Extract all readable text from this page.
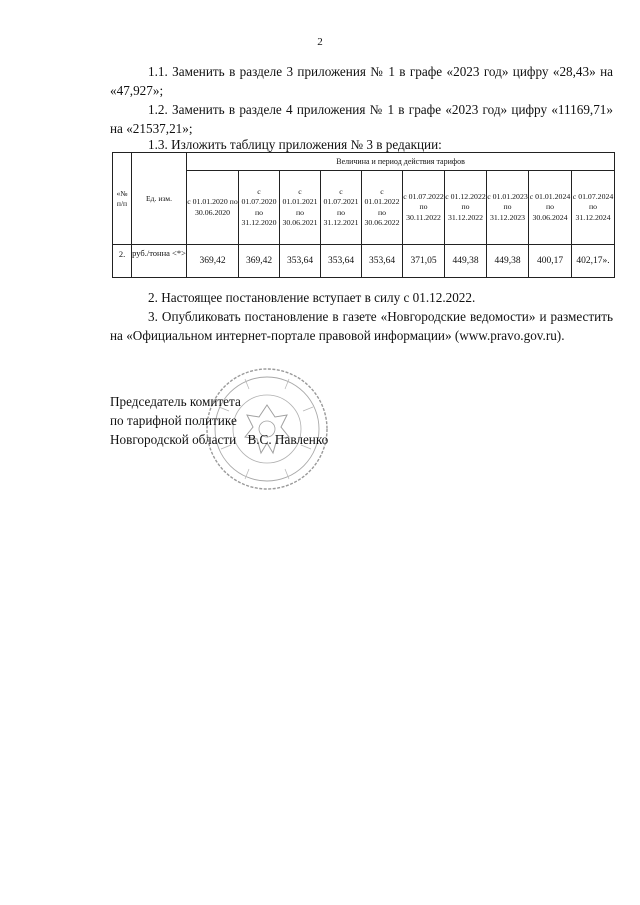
2
1.1. Заменить в разделе 3 приложения № 1 в графе «2023 год» цифру «28,43» на «47,927»;
1.2. Заменить в разделе 4 приложения № 1 в графе «2023 год» цифру «11169,71» на «21537,21»;
1.3. Изложить таблицу приложения № 3 в редакции:
«№ п/п	Ед. изм.	Величина и период действия тарифов									
		с 01.01.2020 по 30.06.2020	с 01.07.2020 по 31.12.2020	с 01.01.2021 по 30.06.2021	с 01.07.2021 по 31.12.2021	с 01.01.2022 по 30.06.2022	с 01.07.2022 по 30.11.2022	с 01.12.2022 по 31.12.2022	с 01.01.2023 по 31.12.2023	с 01.01.2024 по 30.06.2024	с 01.07.2024 по 31.12.2024
2.	руб./тонна <*>	369,42	369,42	353,64	353,64	353,64	371,05	449,38	449,38	400,17	402,17».
2. Настоящее постановление вступает в силу с 01.12.2022.
3. Опубликовать постановление в газете «Новгородские ведомости» и разместить на «Официальном интернет-портале правовой информации» (www.pravo.gov.ru).
Председатель комитета
по тарифной политике
Новгородской области В.С. Павленко
